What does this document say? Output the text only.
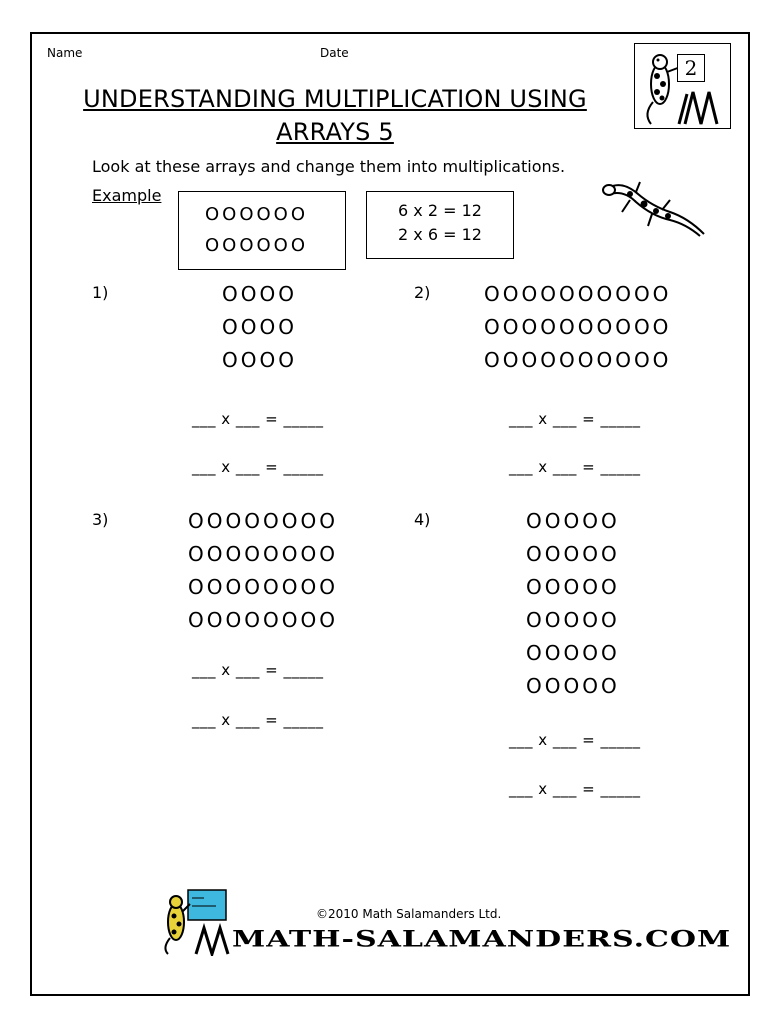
Name	Date
2
UNDERSTANDING MULTIPLICATION USING
ARRAYS 5
Look at these arrays and change them into multiplications.
Example
OOOOOO
OOOOOO
6 x 2 = 12
2 x 6 = 12
1)	OOOO
OOOO
OOOO
___ x ___ = _____
___ x ___ = _____
2)	OOOOOOOOOO
OOOOOOOOOO
OOOOOOOOOO
___ x ___ = _____
___ x ___ = _____
3)	OOOOOOOO
OOOOOOOO
OOOOOOOO
OOOOOOOO
___ x ___ = _____
___ x ___ = _____
4)	OOOOO
OOOOO
OOOOO
OOOOO
OOOOO
OOOOO
___ x ___ = _____
___ x ___ = _____
©2010 Math Salamanders Ltd.
MATH-SALAMANDERS.COM
